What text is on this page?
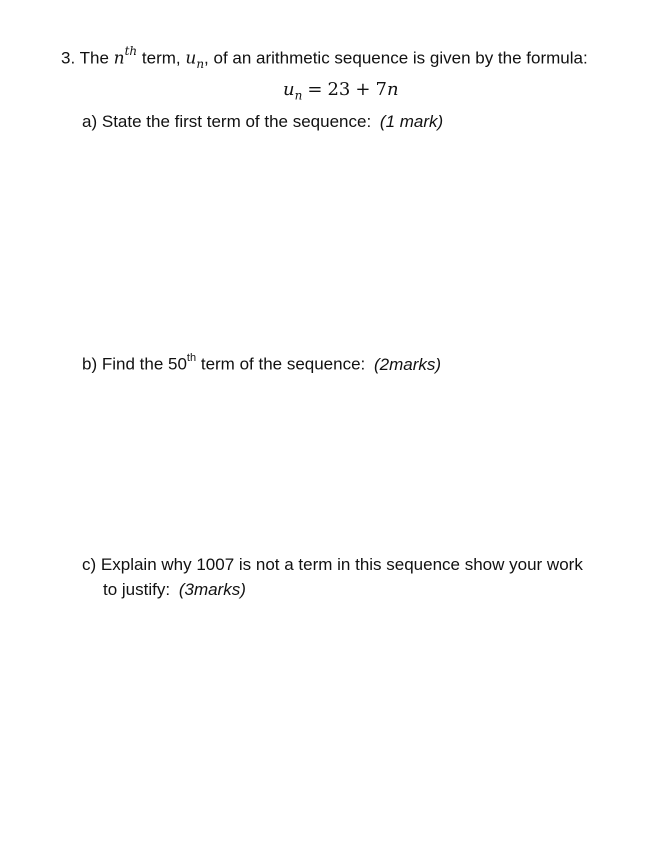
3. The $n^{th}$ term, $u_n$, of an arithmetic sequence is given by the formula:
$u_n = 23 + 7n$
a) State the first term of the sequence: (1 mark)
b) Find the 50th term of the sequence: (2marks)
c) Explain why 1007 is not a term in this sequence show your work
to justify: (3marks)
